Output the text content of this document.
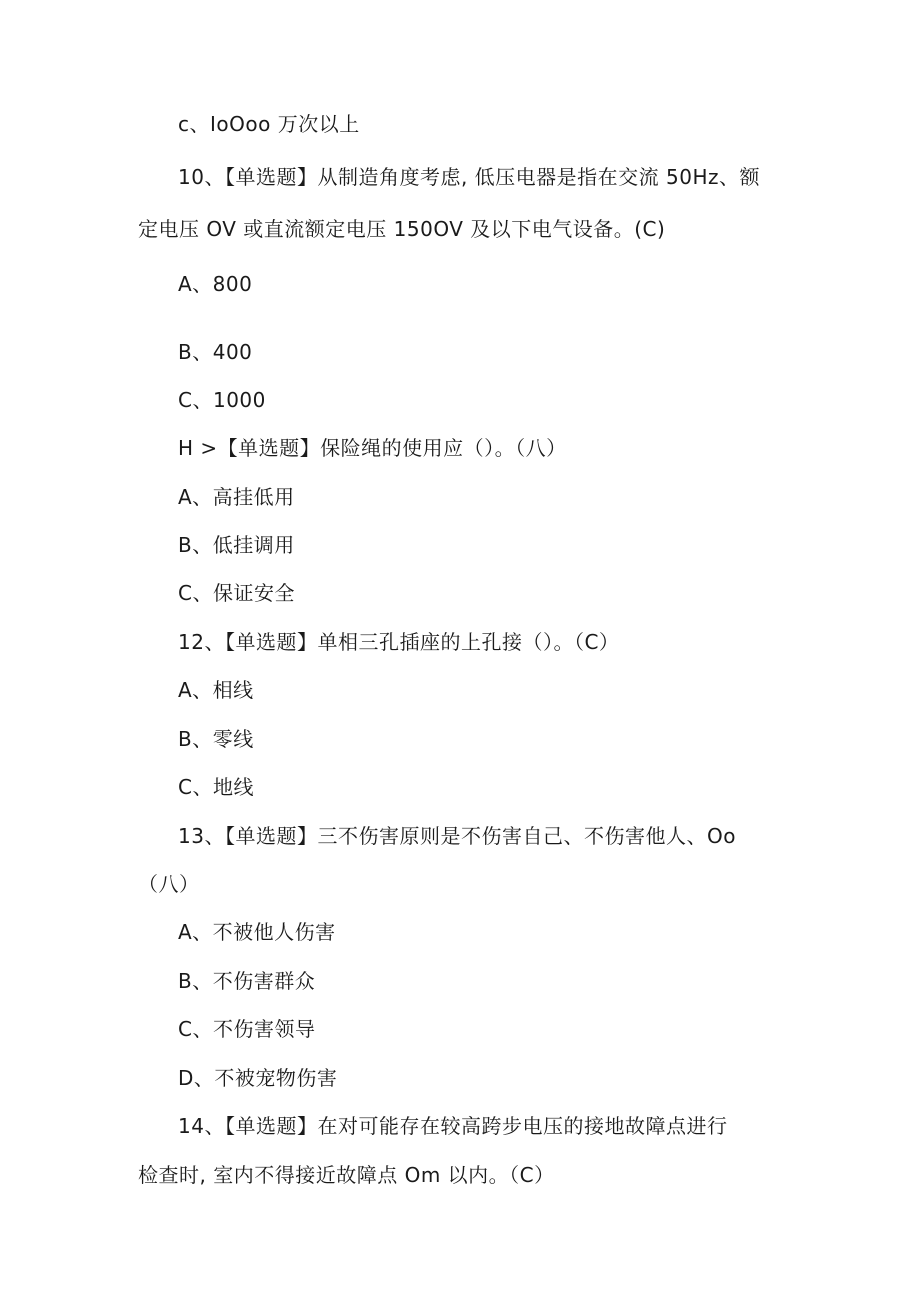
c、IoOoo 万次以上
10、【单选题】从制造角度考虑, 低压电器是指在交流 50Hz、额
定电压 OV 或直流额定电压 150OV 及以下电气设备。(C)
A、800
B、400
C、1000
H >【单选题】保险绳的使用应（）。（八）
A、高挂低用
B、低挂调用
C、保证安全
12、【单选题】单相三孔插座的上孔接（）。（C）
A、相线
B、零线
C、地线
13、【单选题】三不伤害原则是不伤害自己、不伤害他人、Oo
（八）
A、不被他人伤害
B、不伤害群众
C、不伤害领导
D、不被宠物伤害
14、【单选题】在对可能存在较高跨步电压的接地故障点进行
检查时, 室内不得接近故障点 Om 以内。（C）
